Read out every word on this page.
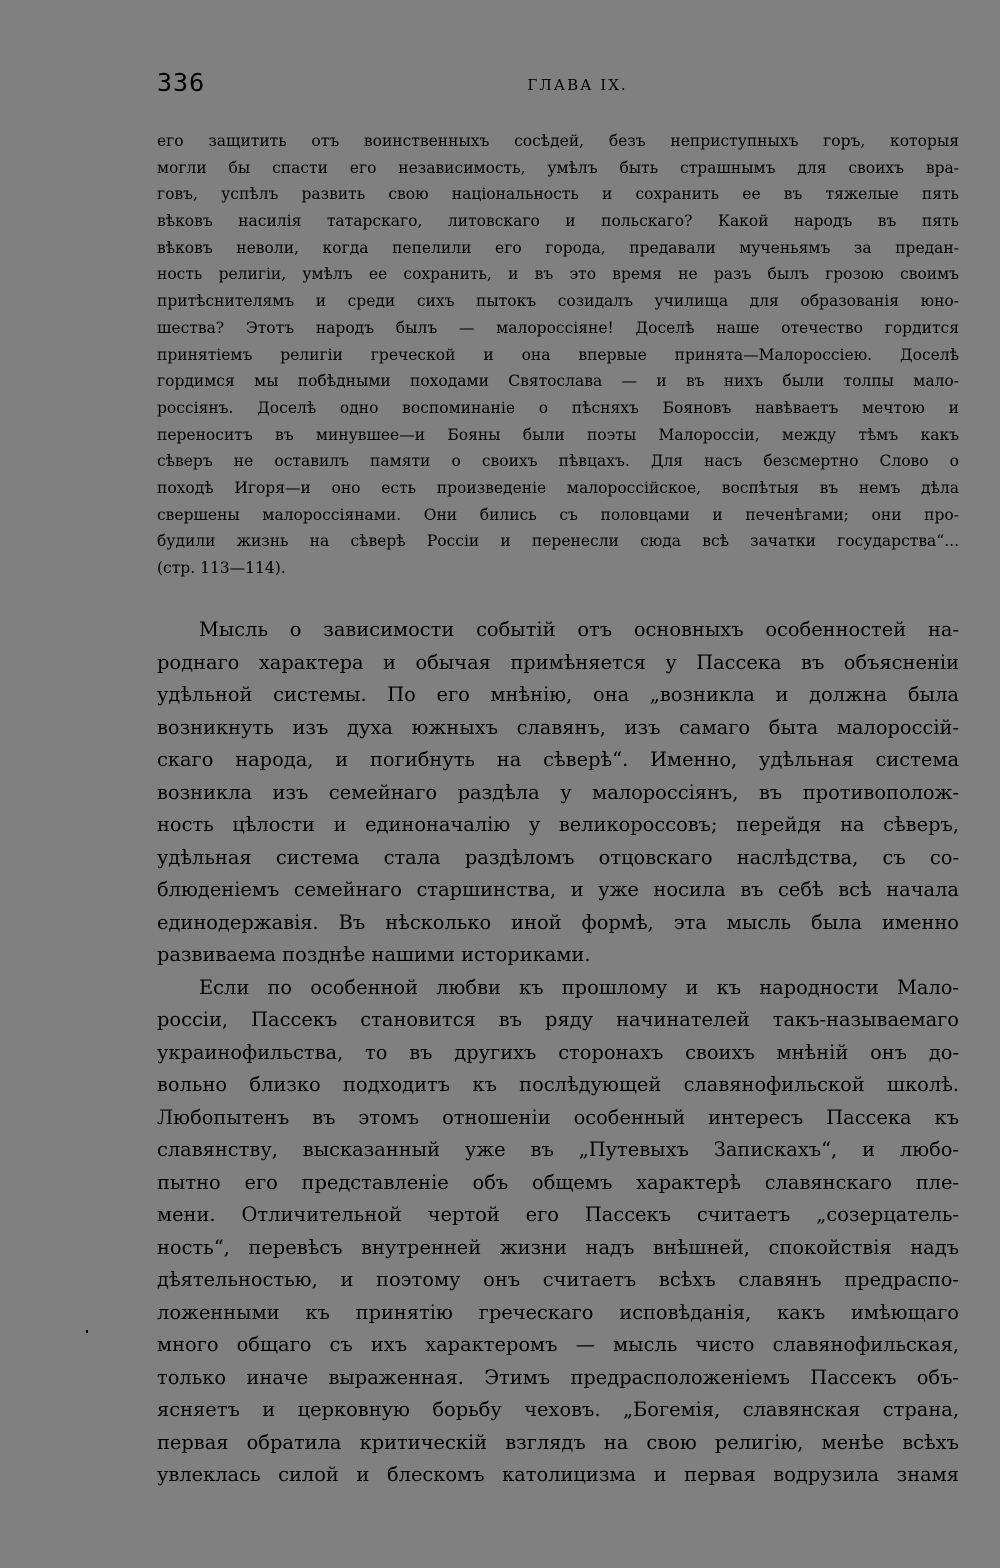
336	ГЛАВА IX.
его защитить отъ воинственныхъ сосѣдей, безъ неприступныхъ горъ, которыя
могли бы спасти его независимость, умѣлъ быть страшнымъ для своихъ вра-
говъ, успѣлъ развить свою національность и сохранить ее въ тяжелые пять
вѣковъ насилія татарскаго, литовскаго и польскаго? Какой народъ въ пять
вѣковъ неволи, когда пепелили его города, предавали мученьямъ за предан-
ность религіи, умѣлъ ее сохранить, и въ это время не разъ былъ грозою своимъ
притѣснителямъ и среди сихъ пытокъ созидалъ училища для образованія юно-
шества? Этотъ народъ былъ — малороссіяне! Доселѣ наше отечество гордится
принятіемъ религіи греческой и она впервые принята—Малороссіею. Доселѣ
гордимся мы побѣдными походами Святослава — и въ нихъ были толпы мало-
россіянъ. Доселѣ одно воспоминаніе о пѣсняхъ Бояновъ навѣваетъ мечтою и
переноситъ въ минувшее—и Бояны были поэты Малороссіи, между тѣмъ какъ
сѣверъ не оставилъ памяти о своихъ пѣвцахъ. Для насъ безсмертно Слово о
походѣ Игоря—и оно есть произведеніе малороссійское, воспѣтыя въ немъ дѣла
свершены малороссіянами. Они бились съ половцами и печенѣгами; они про-
будили жизнь на сѣверѣ Россіи и перенесли сюда всѣ зачатки государства“...
(стр. 113—114).
Мысль о зависимости событій отъ основныхъ особенностей на-
роднаго характера и обычая примѣняется у Пассека въ объясненіи
удѣльной системы. По его мнѣнію, она „возникла и должна была
возникнуть изъ духа южныхъ славянъ, изъ самаго быта малороссій-
скаго народа, и погибнуть на сѣверѣ“. Именно, удѣльная система
возникла изъ семейнаго раздѣла у малороссіянъ, въ противополож-
ность цѣлости и единоначалію у великороссовъ; перейдя на сѣверъ,
удѣльная система стала раздѣломъ отцовскаго наслѣдства, съ со-
блюденіемъ семейнаго старшинства, и уже носила въ себѣ всѣ начала
единодержавія. Въ нѣсколько иной формѣ, эта мысль была именно
развиваема позднѣе нашими историками.
Если по особенной любви къ прошлому и къ народности Мало-
россіи, Пассекъ становится въ ряду начинателей такъ-называемаго
украинофильства, то въ другихъ сторонахъ своихъ мнѣній онъ до-
вольно близко подходитъ къ послѣдующей славянофильской школѣ.
Любопытенъ въ этомъ отношеніи особенный интересъ Пассека къ
славянству, высказанный уже въ „Путевыхъ Запискахъ“, и любо-
пытно его представленіе объ общемъ характерѣ славянскаго пле-
мени. Отличительной чертой его Пассекъ считаетъ „созерцатель-
ность“, перевѣсъ внутренней жизни надъ внѣшней, спокойствія надъ
дѣятельностью, и поэтому онъ считаетъ всѣхъ славянъ предраспо-
ложенными къ принятію греческаго исповѣданія, какъ имѣющаго
много общаго съ ихъ характеромъ — мысль чисто славянофильская,
только иначе выраженная. Этимъ предрасположеніемъ Пассекъ объ-
ясняетъ и церковную борьбу чеховъ. „Богемія, славянская страна,
первая обратила критическій взглядъ на свою религію, менѣе всѣхъ
увлеклась силой и блескомъ католицизма и первая водрузила знамя
